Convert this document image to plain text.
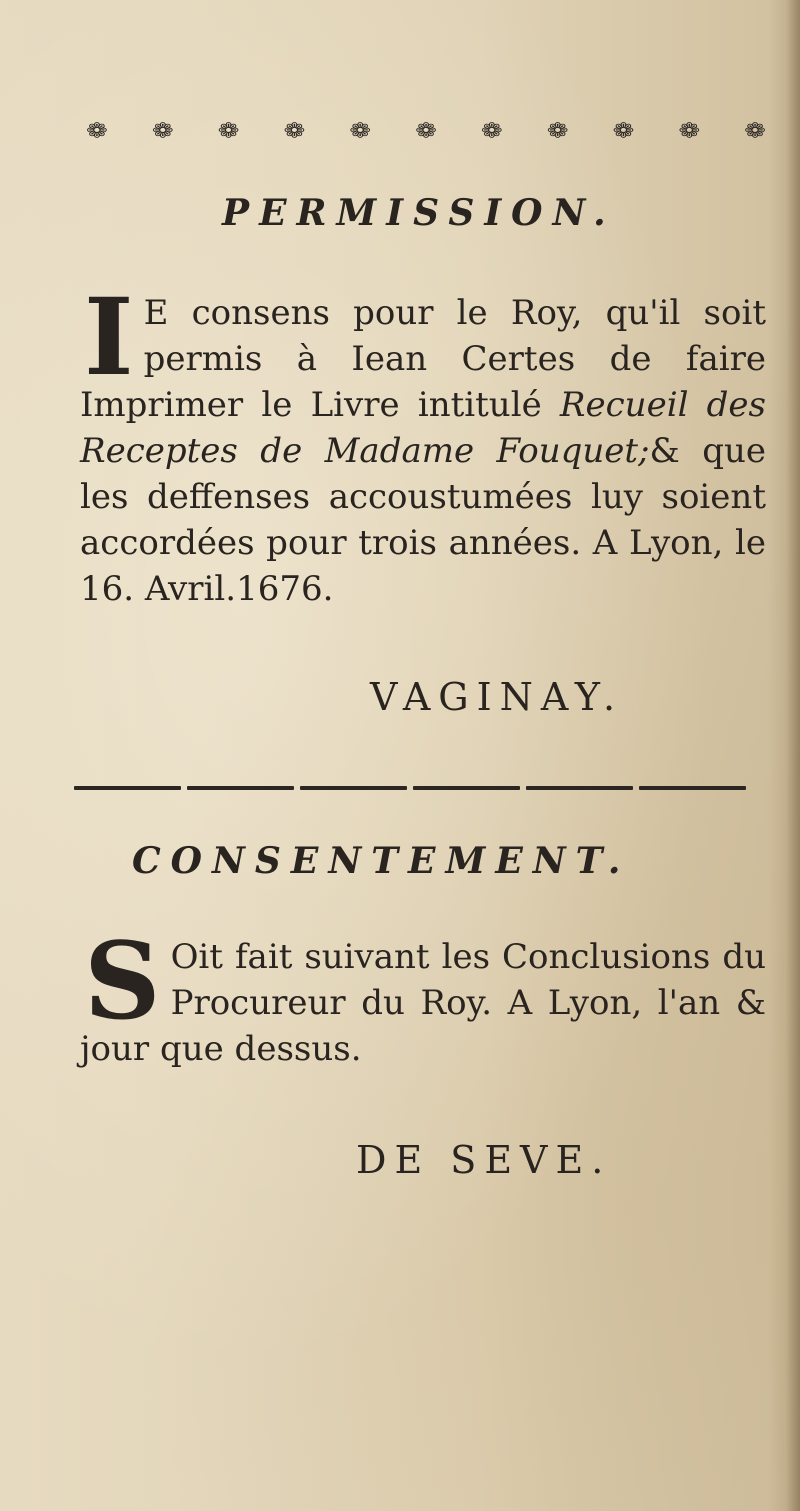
❁ ❁ ❁ ❁ ❁ ❁ ❁ ❁ ❁ ❁ ❁
PERMISSION.

I E consens pour le Roy, qu'il soit permis à Iean Certes de faire Imprimer le Livre intitulé Recueil des Receptes de Madame Fouquet;& que les deffenses accoustumées luy soient accordées pour trois années. A Lyon, le 16. Avril.1676.

VAGINAY.

CONSENTEMENT.

S Oit fait suivant les Conclusions du Procureur du Roy. A Lyon, l'an & jour que dessus.

DE SEVE.
